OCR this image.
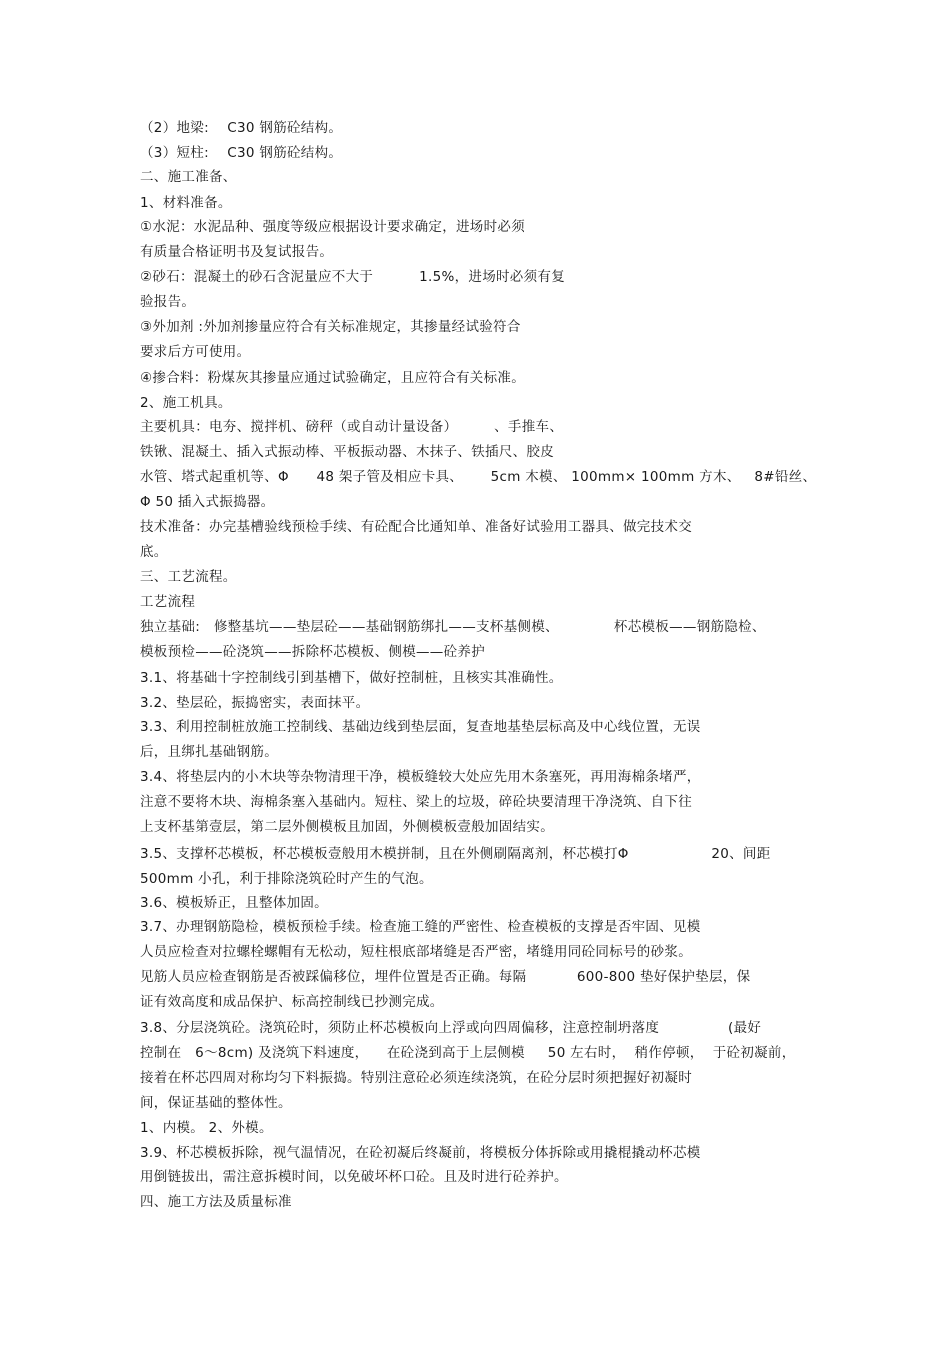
（2）地梁:    C30 钢筋砼结构。
（3）短柱:    C30 钢筋砼结构。
二、施工准备、
1、材料准备。
①水泥：水泥品种、强度等级应根据设计要求确定，进场时必须
有质量合格证明书及复试报告。
②砂石：混凝土的砂石含泥量应不大于          1.5%，进场时必须有复
验报告。
③外加剂 :外加剂掺量应符合有关标准规定，其掺量经试验符合
要求后方可使用。
④掺合料：粉煤灰其掺量应通过试验确定，且应符合有关标准。
2、施工机具。
主要机具：电夯、搅拌机、磅秤（或自动计量设备）        、手推车、
铁锹、混凝土、插入式振动棒、平板振动器、木抹子、铁插尺、胶皮
水管、塔式起重机等、Φ      48 架子管及相应卡具、      5cm 木模、 100mm× 100mm 方木、   8#铅丝、
Φ 50 插入式振捣器。
技术准备：办完基槽验线预检手续、有砼配合比通知单、准备好试验用工器具、做完技术交
底。
三、工艺流程。
工艺流程
独立基础:   修整基坑——垫层砼——基础钢筋绑扎——支杯基侧模、            杯芯模板——钢筋隐检、
模板预检——砼浇筑——拆除杯芯模板、侧模——砼养护
3.1、将基础十字控制线引到基槽下，做好控制桩，且核实其准确性。
3.2、垫层砼，振捣密实，表面抹平。
3.3、利用控制桩放施工控制线、基础边线到垫层面，复查地基垫层标高及中心线位置，无误
后，且绑扎基础钢筋。
3.4、将垫层内的小木块等杂物清理干净，模板缝较大处应先用木条塞死，再用海棉条堵严，
注意不要将木块、海棉条塞入基础内。短柱、梁上的垃圾，碎砼块要清理干净浇筑、自下往
上支杯基第壹层，第二层外侧模板且加固，外侧模板壹般加固结实。
3.5、支撑杯芯模板，杯芯模板壹般用木模拼制，且在外侧刷隔离剂，杯芯模打Φ                  20、间距
500mm 小孔，利于排除浇筑砼时产生的气泡。
3.6、模板矫正，且整体加固。
3.7、办理钢筋隐检，模板预检手续。检查施工缝的严密性、检查模板的支撑是否牢固、见模
人员应检查对拉螺栓螺帽有无松动，短柱根底部堵缝是否严密，堵缝用同砼同标号的砂浆。
见筋人员应检查钢筋是否被踩偏移位，埋件位置是否正确。每隔           600-800 垫好保护垫层，保
证有效高度和成品保护、标高控制线已抄测完成。
3.8、分层浇筑砼。浇筑砼时，须防止杯芯模板向上浮或向四周偏移，注意控制坍落度               (最好
控制在   6～8cm) 及浇筑下料速度，    在砼浇到高于上层侧模     50 左右时，  稍作停顿，  于砼初凝前，
接着在杯芯四周对称均匀下料振捣。特别注意砼必须连续浇筑，在砼分层时须把握好初凝时
间，保证基础的整体性。
1、内模。 2、外模。
3.9、杯芯模板拆除，视气温情况，在砼初凝后终凝前，将模板分体拆除或用撬棍撬动杯芯模
用倒链拔出，需注意拆模时间，以免破坏杯口砼。且及时进行砼养护。
四、施工方法及质量标准
